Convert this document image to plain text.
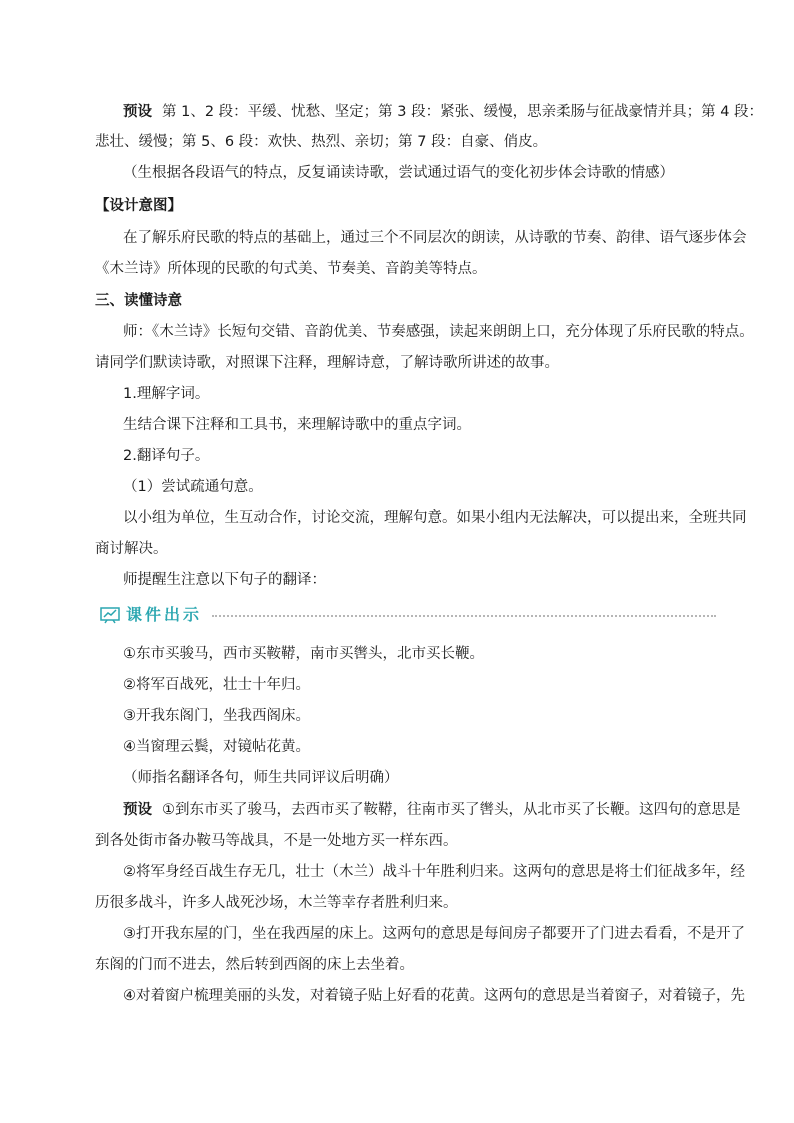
预设 第 1、2 段：平缓、忧愁、坚定；第 3 段：紧张、缓慢，思亲柔肠与征战豪情并具；第 4 段：
悲壮、缓慢；第 5、6 段：欢快、热烈、亲切；第 7 段：自豪、俏皮。
（生根据各段语气的特点，反复诵读诗歌，尝试通过语气的变化初步体会诗歌的情感）
【设计意图】
在了解乐府民歌的特点的基础上，通过三个不同层次的朗读，从诗歌的节奏、韵律、语气逐步体会
《木兰诗》所体现的民歌的句式美、节奏美、音韵美等特点。
三、读懂诗意
师：《木兰诗》长短句交错、音韵优美、节奏感强，读起来朗朗上口，充分体现了乐府民歌的特点。
请同学们默读诗歌，对照课下注释，理解诗意，了解诗歌所讲述的故事。
1.理解字词。
生结合课下注释和工具书，来理解诗歌中的重点字词。
2.翻译句子。
（1）尝试疏通句意。
以小组为单位，生互动合作，讨论交流，理解句意。如果小组内无法解决，可以提出来，全班共同
商讨解决。
师提醒生注意以下句子的翻译：
课件出示
①东市买骏马，西市买鞍鞯，南市买辔头，北市买长鞭。
②将军百战死，壮士十年归。
③开我东阁门，坐我西阁床。
④当窗理云鬓，对镜帖花黄。
（师指名翻译各句，师生共同评议后明确）
预设 ①到东市买了骏马，去西市买了鞍鞯，往南市买了辔头，从北市买了长鞭。这四句的意思是
到各处街市备办鞍马等战具，不是一处地方买一样东西。
②将军身经百战生存无几，壮士（木兰）战斗十年胜利归来。这两句的意思是将士们征战多年，经
历很多战斗，许多人战死沙场，木兰等幸存者胜利归来。
③打开我东屋的门，坐在我西屋的床上。这两句的意思是每间房子都要开了门进去看看，不是开了
东阁的门而不进去，然后转到西阁的床上去坐着。
④对着窗户梳理美丽的头发，对着镜子贴上好看的花黄。这两句的意思是当着窗子，对着镜子，先
